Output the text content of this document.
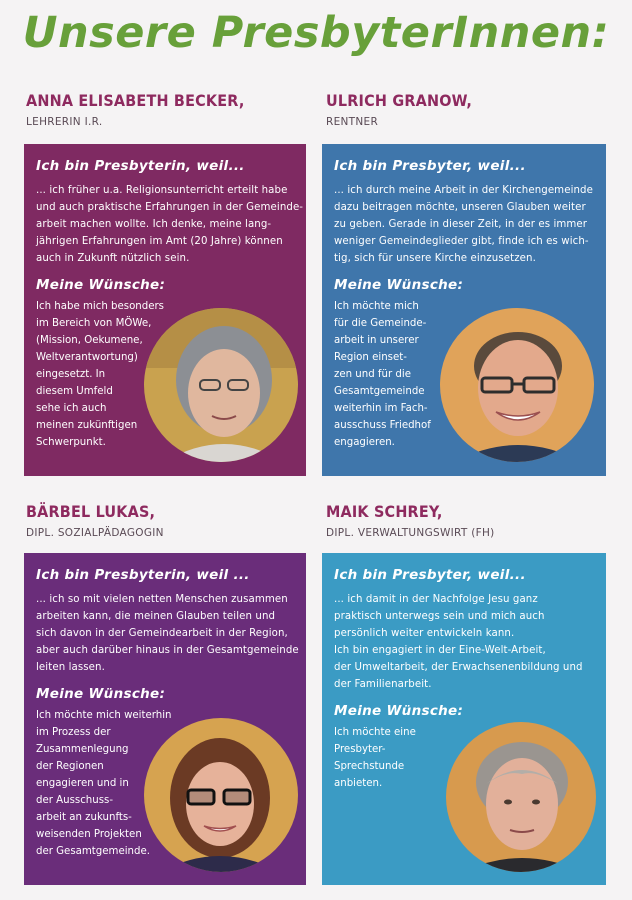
Unsere PresbyterInnen:
ANNA ELISABETH BECKER,
LEHRERIN I.R.
Ich bin Presbyterin, weil...
... ich früher u.a. Religionsunterricht erteilt habe
und auch praktische Erfahrungen in der Gemeinde-
arbeit machen wollte. Ich denke, meine lang-
jährigen Erfahrungen im Amt (20 Jahre) können
auch in Zukunft nützlich sein.
Meine Wünsche:
Ich habe mich besonders
im Bereich von MÖWe,
(Mission, Oekumene,
Weltverantwortung)
eingesetzt. In
diesem Umfeld
sehe ich auch
meinen zukünftigen
Schwerpunkt.
ULRICH GRANOW,
RENTNER
Ich bin Presbyter, weil...
... ich durch meine Arbeit in der Kirchengemeinde
dazu beitragen möchte, unseren Glauben weiter
zu geben. Gerade in dieser Zeit, in der es immer
weniger Gemeindeglieder gibt, finde ich es wich-
tig, sich für unsere Kirche einzusetzen.
Meine Wünsche:
Ich möchte mich
für die Gemeinde-
arbeit in unserer
Region einset-
zen und für die
Gesamtgemeinde
weiterhin im Fach-
ausschuss Friedhof
engagieren.
BÄRBEL LUKAS,
DIPL. SOZIALPÄDAGOGIN
Ich bin Presbyterin, weil ...
... ich so mit vielen netten Menschen zusammen
arbeiten kann, die meinen Glauben teilen und
sich davon in der Gemeindearbeit in der Region,
aber auch darüber hinaus in der Gesamtgemeinde
leiten lassen.
Meine Wünsche:
Ich möchte mich weiterhin
im Prozess der
Zusammenlegung
der Regionen
engagieren und in
der Ausschuss-
arbeit an zukunfts-
weisenden Projekten
der Gesamtgemeinde.
MAIK SCHREY,
DIPL. VERWALTUNGSWIRT (FH)
Ich bin Presbyter, weil...
... ich damit in der Nachfolge Jesu ganz
praktisch unterwegs sein und mich auch
persönlich weiter entwickeln kann.
Ich bin engagiert in der Eine-Welt-Arbeit,
der Umweltarbeit, der Erwachsenenbildung und
der Familienarbeit.
Meine Wünsche:
Ich möchte eine
Presbyter-
Sprechstunde
anbieten.
